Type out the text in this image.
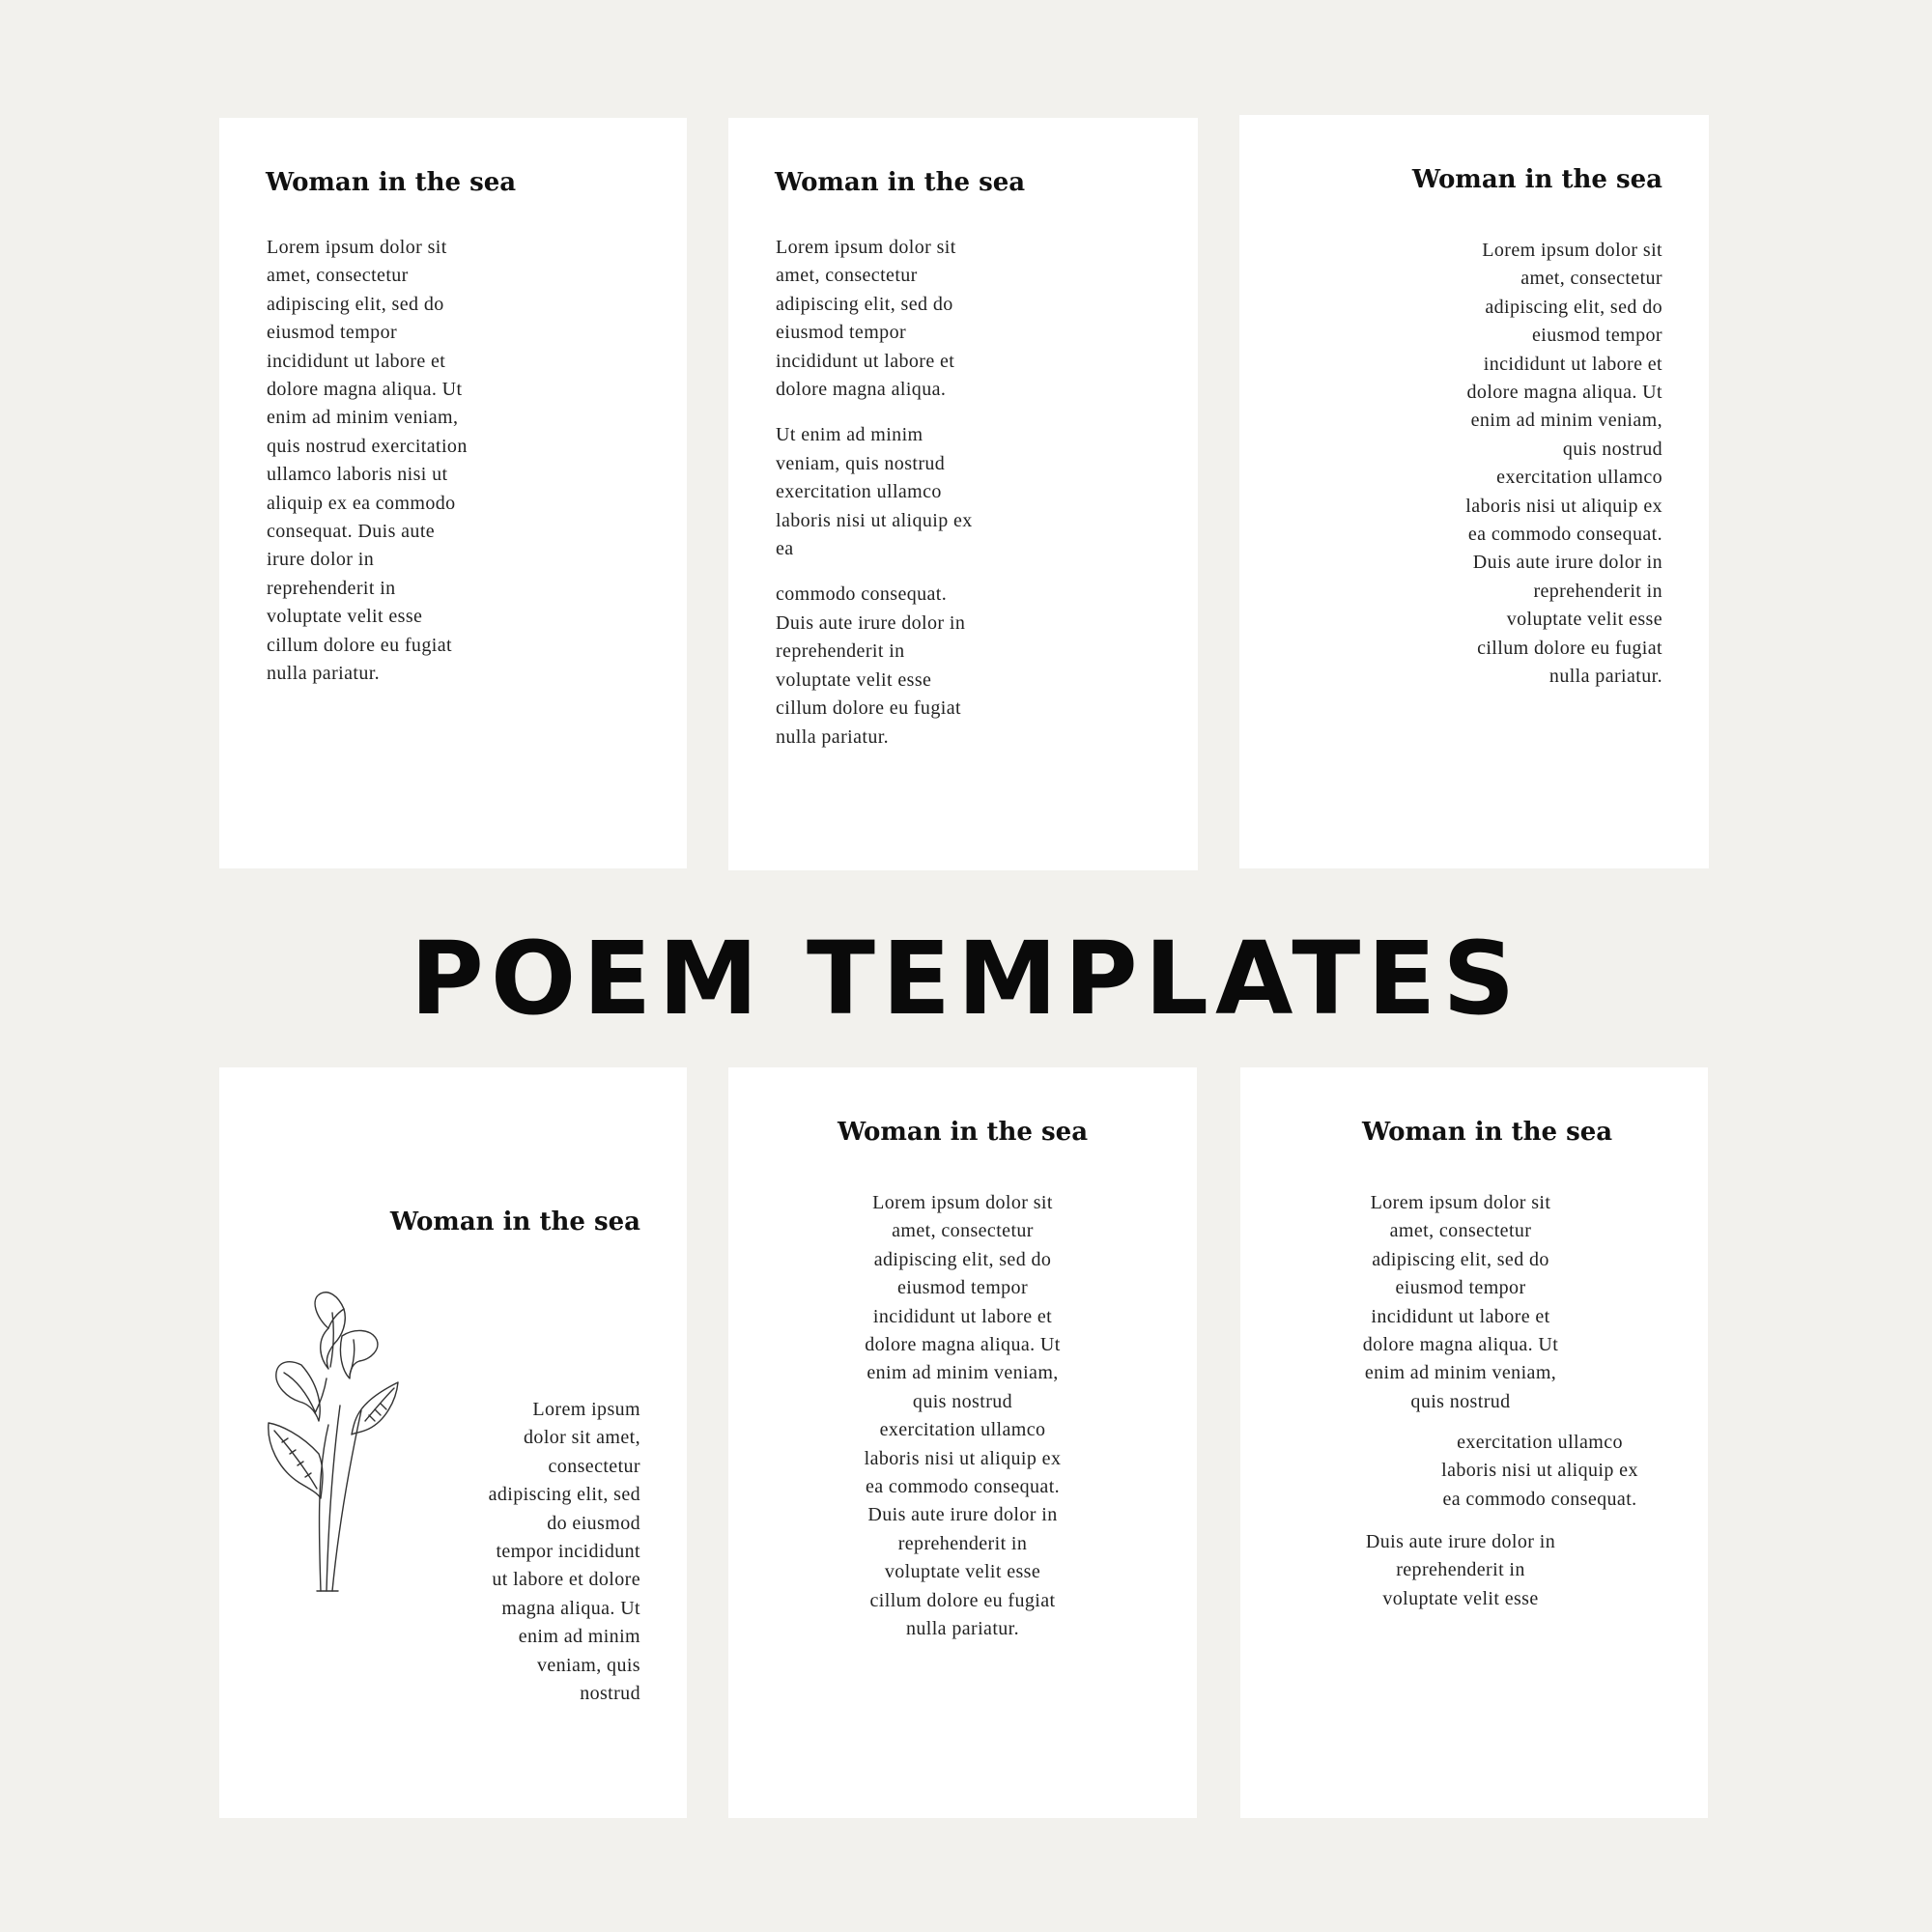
Woman in the sea

Lorem ipsum dolor sit
amet, consectetur
adipiscing elit, sed do
eiusmod tempor
incididunt ut labore et
dolore magna aliqua. Ut
enim ad minim veniam,
quis nostrud exercitation
ullamco laboris nisi ut
aliquip ex ea commodo
consequat. Duis aute
irure dolor in
reprehenderit in
voluptate velit esse
cillum dolore eu fugiat
nulla pariatur.

Woman in the sea

Lorem ipsum dolor sit
amet, consectetur
adipiscing elit, sed do
eiusmod tempor
incididunt ut labore et
dolore magna aliqua.

Ut enim ad minim
veniam, quis nostrud
exercitation ullamco
laboris nisi ut aliquip ex
ea

commodo consequat.
Duis aute irure dolor in
reprehenderit in
voluptate velit esse
cillum dolore eu fugiat
nulla pariatur.

Woman in the sea

Lorem ipsum dolor sit
amet, consectetur
adipiscing elit, sed do
eiusmod tempor
incididunt ut labore et
dolore magna aliqua. Ut
enim ad minim veniam,
quis nostrud
exercitation ullamco
laboris nisi ut aliquip ex
ea commodo consequat.
Duis aute irure dolor in
reprehenderit in
voluptate velit esse
cillum dolore eu fugiat
nulla pariatur.

POEM TEMPLATES
Woman in the sea

Lorem ipsum
dolor sit amet,
consectetur
adipiscing elit, sed
do eiusmod
tempor incididunt
ut labore et dolore
magna aliqua. Ut
enim ad minim
veniam, quis
nostrud

Woman in the sea

Lorem ipsum dolor sit
amet, consectetur
adipiscing elit, sed do
eiusmod tempor
incididunt ut labore et
dolore magna aliqua. Ut
enim ad minim veniam,
quis nostrud
exercitation ullamco
laboris nisi ut aliquip ex
ea commodo consequat.
Duis aute irure dolor in
reprehenderit in
voluptate velit esse
cillum dolore eu fugiat
nulla pariatur.

Woman in the sea

Lorem ipsum dolor sit
amet, consectetur
adipiscing elit, sed do
eiusmod tempor
incididunt ut labore et
dolore magna aliqua. Ut
enim ad minim veniam,
quis nostrud

exercitation ullamco
laboris nisi ut aliquip ex
ea commodo consequat.

Duis aute irure dolor in
reprehenderit in
voluptate velit esse
